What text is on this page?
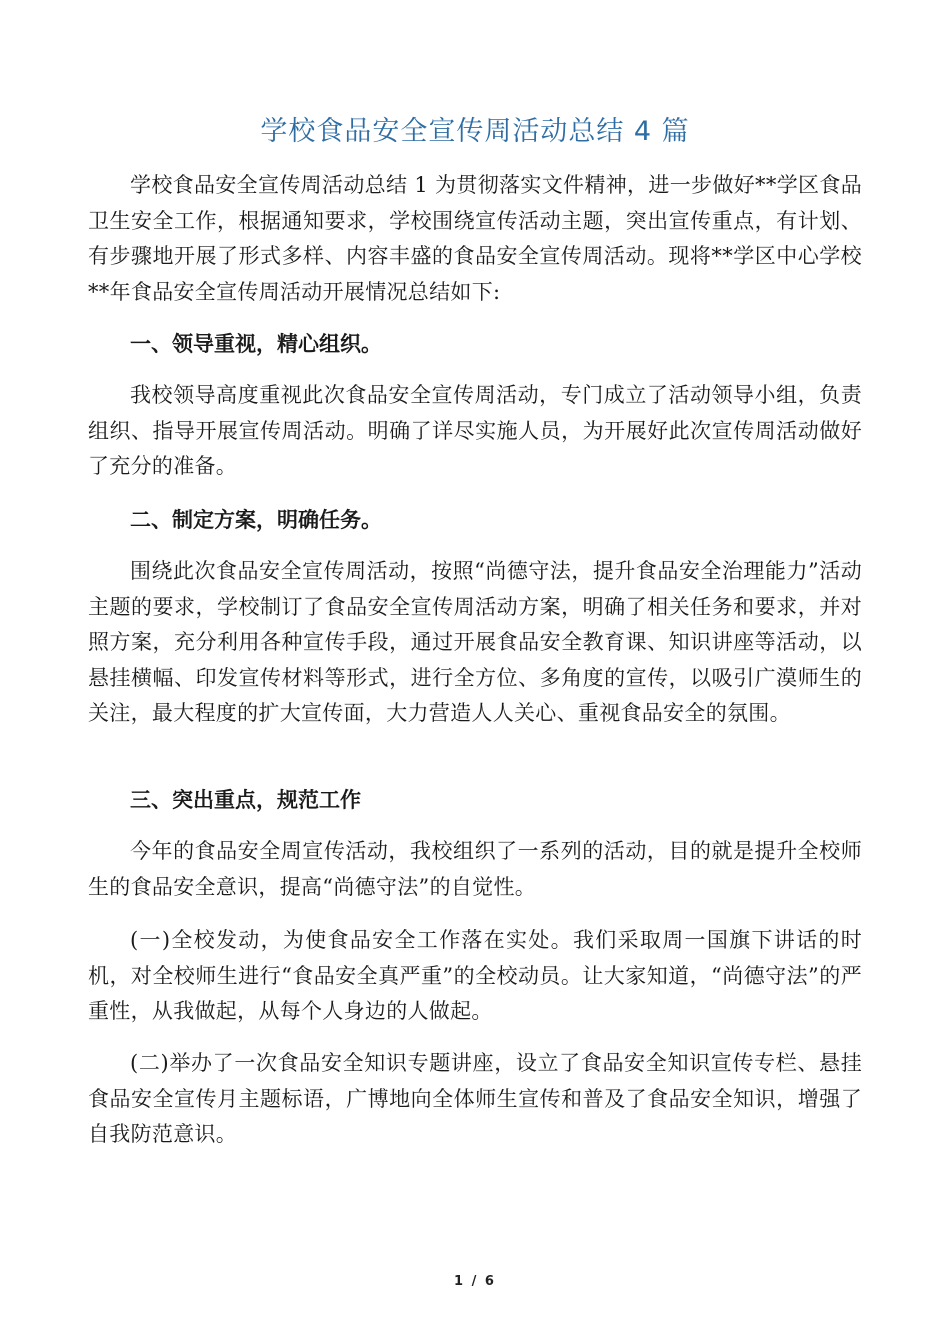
学校食品安全宣传周活动总结 4 篇

学校食品安全宣传周活动总结 1 为贯彻落实文件精神，进一步做好**学区食品卫生安全工作，根据通知要求，学校围绕宣传活动主题，突出宣传重点，有计划、有步骤地开展了形式多样、内容丰盛的食品安全宣传周活动。现将**学区中心学校**年食品安全宣传周活动开展情况总结如下:

一、领导重视，精心组织。

我校领导高度重视此次食品安全宣传周活动，专门成立了活动领导小组，负责组织、指导开展宣传周活动。明确了详尽实施人员，为开展好此次宣传周活动做好了充分的准备。

二、制定方案，明确任务。

围绕此次食品安全宣传周活动，按照“尚德守法，提升食品安全治理能力”活动主题的要求，学校制订了食品安全宣传周活动方案，明确了相关任务和要求，并对照方案，充分利用各种宣传手段，通过开展食品安全教育课、知识讲座等活动，以悬挂横幅、印发宣传材料等形式，进行全方位、多角度的宣传，以吸引广漠师生的关注，最大程度的扩大宣传面，大力营造人人关心、重视食品安全的氛围。

三、突出重点，规范工作

今年的食品安全周宣传活动，我校组织了一系列的活动，目的就是提升全校师生的食品安全意识，提高“尚德守法”的自觉性。

(一)全校发动，为使食品安全工作落在实处。我们采取周一国旗下讲话的时机，对全校师生进行“食品安全真严重”的全校动员。让大家知道，“尚德守法”的严重性，从我做起，从每个人身边的人做起。

(二)举办了一次食品安全知识专题讲座，设立了食品安全知识宣传专栏、悬挂食品安全宣传月主题标语，广博地向全体师生宣传和普及了食品安全知识，增强了自我防范意识。

1 / 6
